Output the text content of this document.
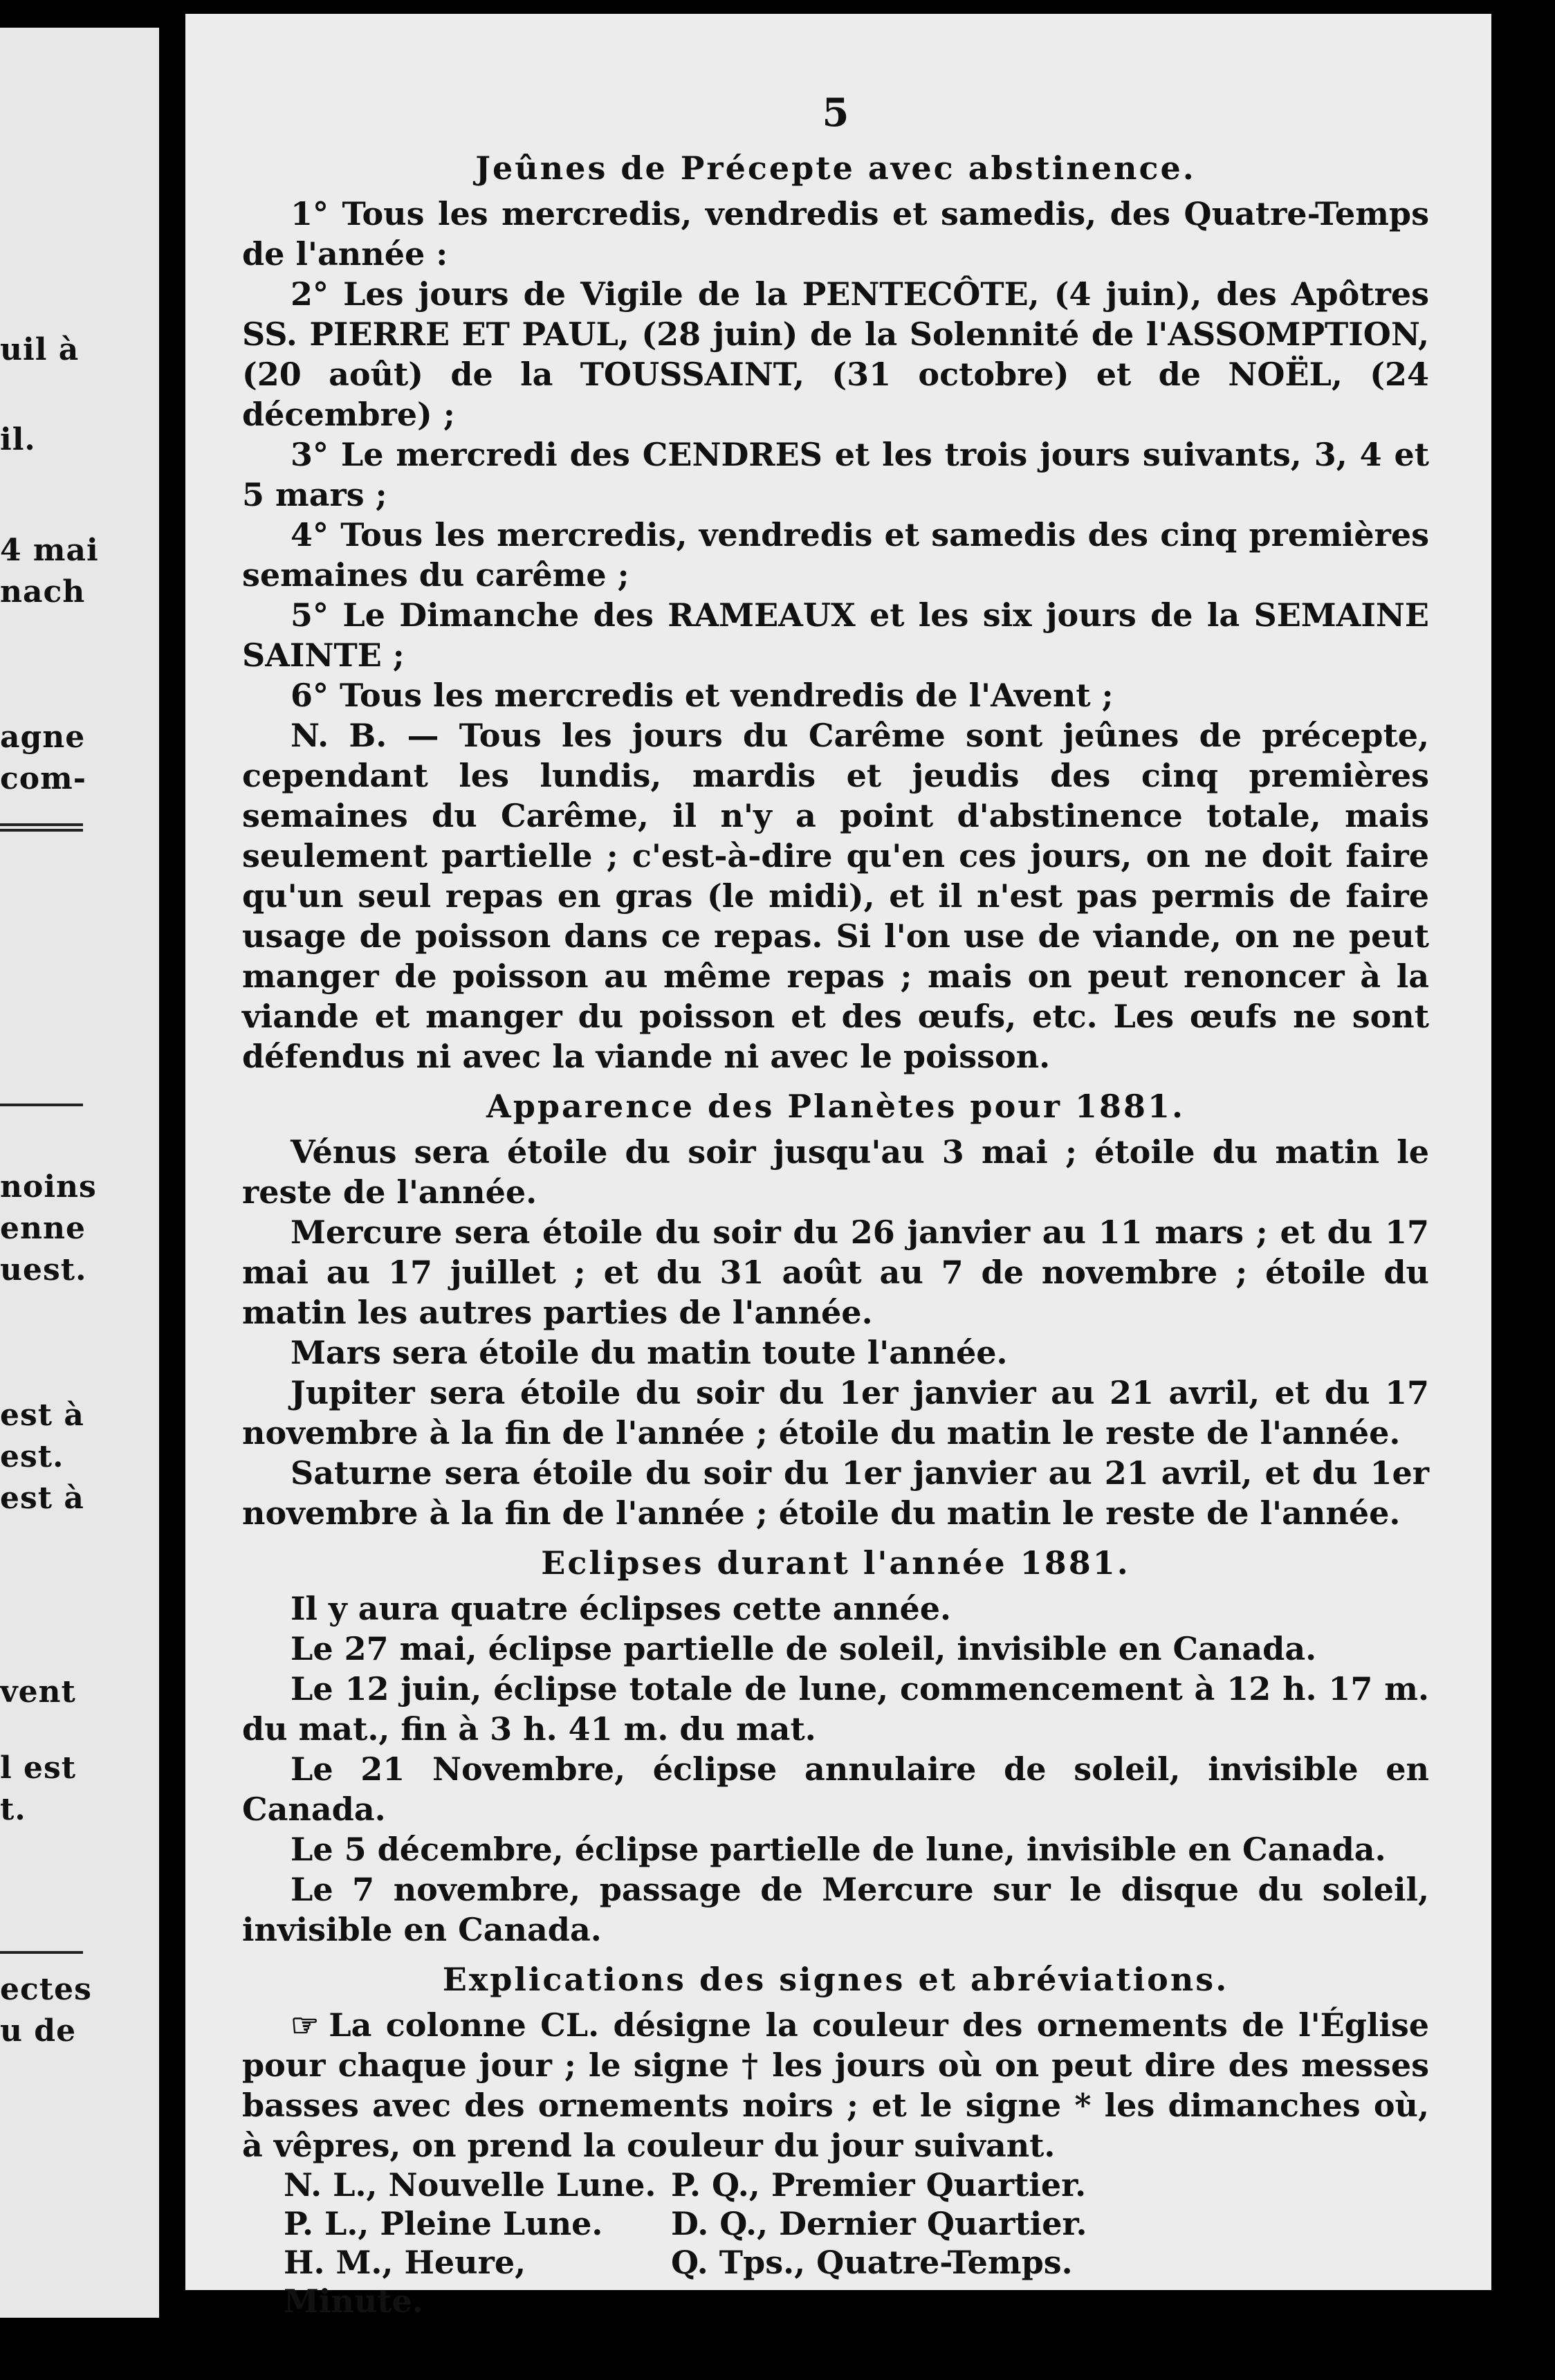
uil à
il.
4 mai
nach
agne
com-
noins
enne
uest.
est à
est.
est à
vent
l est
t.
ectes
u de
5
Jeûnes de Précepte avec abstinence.

1° Tous les mercredis, vendredis et samedis, des Quatre-Temps de l'année :

2° Les jours de Vigile de la PENTECÔTE, (4 juin), des Apôtres SS. PIERRE ET PAUL, (28 juin) de la Solennité de l'ASSOMPTION, (20 août) de la TOUSSAINT, (31 octobre) et de NOËL, (24 décembre) ;

3° Le mercredi des CENDRES et les trois jours suivants, 3, 4 et 5 mars ;

4° Tous les mercredis, vendredis et samedis des cinq premières semaines du carême ;

5° Le Dimanche des RAMEAUX et les six jours de la SEMAINE SAINTE ;

6° Tous les mercredis et vendredis de l'Avent ;

N. B. — Tous les jours du Carême sont jeûnes de précepte, cependant les lundis, mardis et jeudis des cinq premières semaines du Carême, il n'y a point d'abstinence totale, mais seulement partielle ; c'est-à-dire qu'en ces jours, on ne doit faire qu'un seul repas en gras (le midi), et il n'est pas permis de faire usage de poisson dans ce repas. Si l'on use de viande, on ne peut manger de poisson au même repas ; mais on peut renoncer à la viande et manger du poisson et des œufs, etc. Les œufs ne sont défendus ni avec la viande ni avec le poisson.

Apparence des Planètes pour 1881.

Vénus sera étoile du soir jusqu'au 3 mai ; étoile du matin le reste de l'année.

Mercure sera étoile du soir du 26 janvier au 11 mars ; et du 17 mai au 17 juillet ; et du 31 août au 7 de novembre ; étoile du matin les autres parties de l'année.

Mars sera étoile du matin toute l'année.

Jupiter sera étoile du soir du 1er janvier au 21 avril, et du 17 novembre à la fin de l'année ; étoile du matin le reste de l'année.

Saturne sera étoile du soir du 1er janvier au 21 avril, et du 1er novembre à la fin de l'année ; étoile du matin le reste de l'année.

Eclipses durant l'année 1881.

Il y aura quatre éclipses cette année.

Le 27 mai, éclipse partielle de soleil, invisible en Canada.

Le 12 juin, éclipse totale de lune, commencement à 12 h. 17 m. du mat., fin à 3 h. 41 m. du mat.

Le 21 Novembre, éclipse annulaire de soleil, invisible en Canada.

Le 5 décembre, éclipse partielle de lune, invisible en Canada.

Le 7 novembre, passage de Mercure sur le disque du soleil, invisible en Canada.

Explications des signes et abréviations.

☞ La colonne CL. désigne la couleur des ornements de l'Église pour chaque jour ; le signe † les jours où on peut dire des messes basses avec des ornements noirs ; et le signe * les dimanches où, à vêpres, on prend la couleur du jour suivant.

N. L., Nouvelle Lune. P. Q., Premier Quartier.
P. L., Pleine Lune.	D. Q., Dernier Quartier.
H. M., Heure, Minute.
Q. Tps., Quatre-Temps.
